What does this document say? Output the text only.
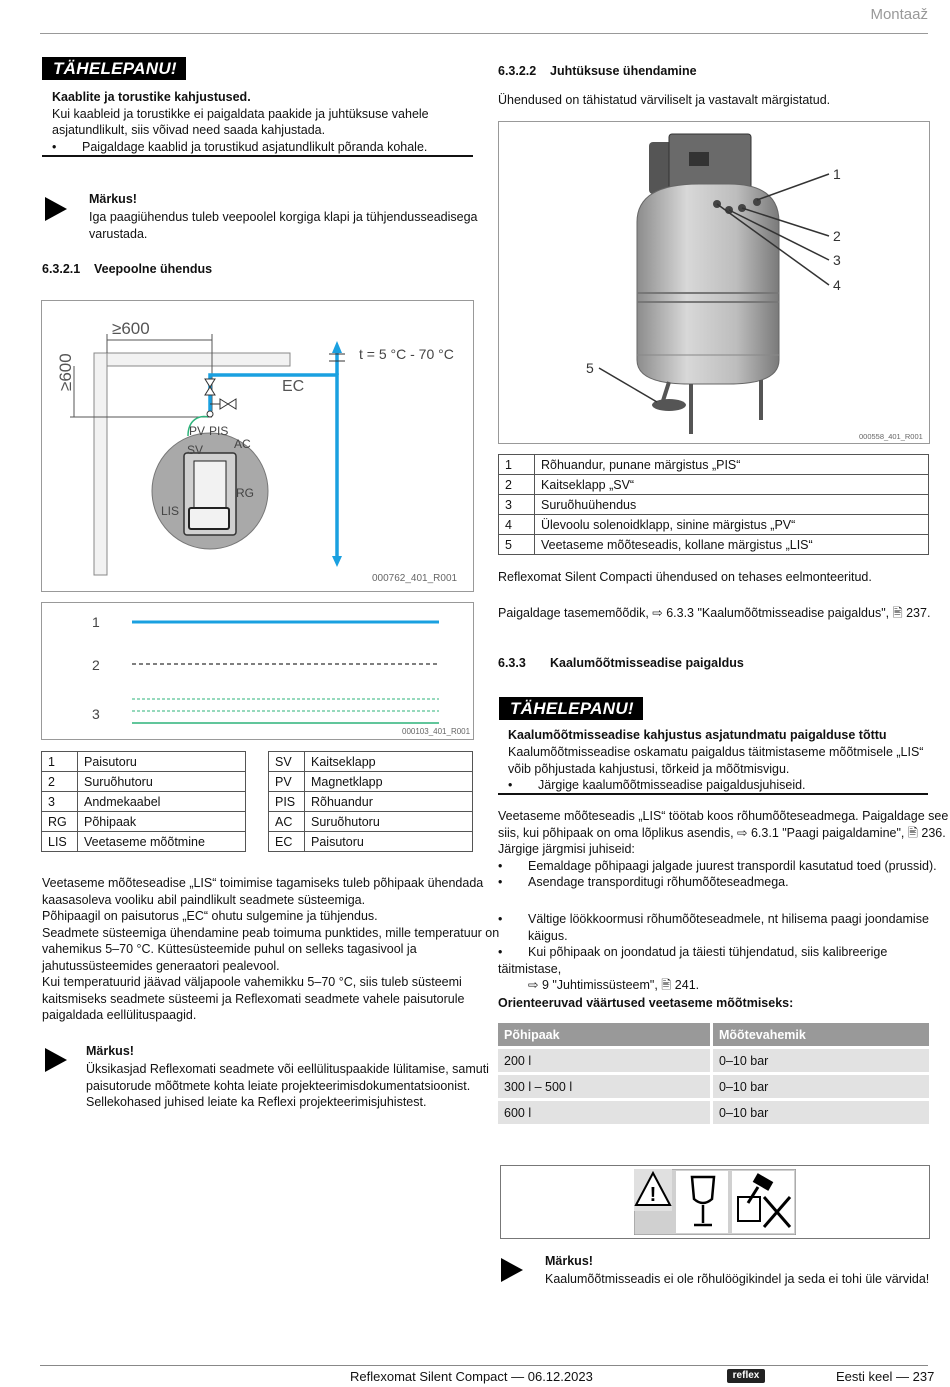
Montaaž
TÄHELEPANU!
Kaablite ja torustike kahjustused.
Kui kaableid ja torustikke ei paigaldata paakide ja juhtüksuse vahele
asjatundlikult, siis võivad need saada kahjustada.
• Paigaldage kaablid ja torustikud asjatundlikult põranda kohale.
Märkus!
Iga paagiühendus tuleb veepoolel korgiga klapi ja tühjendusseadisega
varustada.
6.3.2.1 Veepoolne ühendus
≥600
≥600	t = 5 °C - 70 °C
EC
PV PIS
SV	AC
RG
LIS
000762_401_R001
1
2
3
000103_401_R001
1	Paisutoru
2	Suruõhutoru
3	Andmekaabel
RG	Põhipaak
LIS	Veetaseme mõõtmine
SV	Kaitseklapp
PV	Magnetklapp
PIS	Rõhuandur
AC	Suruõhutoru
EC	Paisutoru
Veetaseme mõõteseadise „LIS“ toimimise tagamiseks tuleb põhipaak ühendada
kaasasoleva vooliku abil paindlikult seadmete süsteemiga.
Põhipaagil on paisutorus „EC“ ohutu sulgemine ja tühjendus.
Seadmete süsteemiga ühendamine peab toimuma punktides, mille temperatuur on
vahemikus 5–70 °C. Küttesüsteemide puhul on selleks tagasivool ja
jahutussüsteemides generaatori pealevool.
Kui temperatuurid jäävad väljapoole vahemikku 5–70 °C, siis tuleb süsteemi
kaitsmiseks seadmete süsteemi ja Reflexomati seadmete vahele paisutorule
paigaldada eellülituspaagid.
Märkus!
Üksikasjad Reflexomati seadmete või eellülituspaakide lülitamise, samuti
paisutorude mõõtmete kohta leiate projekteerimisdokumentatsioonist.
Sellekohased juhised leiate ka Reflexi projekteerimisjuhistest.
6.3.2.2 Juhtüksuse ühendamine
Ühendused on tähistatud värviliselt ja vastavalt märgistatud.
1
2
3
4
5
000558_401_R001
1	Rõhuandur, punane märgistus „PIS“
2	Kaitseklapp „SV“
3	Suruõhuühendus
4	Ülevoolu solenoidklapp, sinine märgistus „PV“
5	Veetaseme mõõteseadis, kollane märgistus „LIS“
Reflexomat Silent Compacti ühendused on tehases eelmonteeritud.
Paigaldage tasememõõdik, ⇨ 6.3.3 "Kaalumõõtmisseadise paigaldus", 🖹 237.
6.3.3 Kaalumõõtmisseadise paigaldus
TÄHELEPANU!
Kaalumõõtmisseadise kahjustus asjatundmatu paigalduse tõttu
Kaalumõõtmisseadise oskamatu paigaldus täitmistaseme mõõtmisele „LIS“
võib põhjustada kahjustusi, tõrkeid ja mõõtmisvigu.
• Järgige kaalumõõtmisseadise paigaldusjuhiseid.
Veetaseme mõõteseadis „LIS“ töötab koos rõhumõõteseadmega. Paigaldage see
siis, kui põhipaak on oma lõplikus asendis, ⇨ 6.3.1 "Paagi paigaldamine", 🖹 236.
Järgige järgmisi juhiseid:
• Eemaldage põhipaagi jalgade juurest transpordil kasutatud toed (prussid).
• Asendage transporditugi rõhumõõteseadmega.
• Vältige löökkoormusi rõhumõõteseadmele, nt hilisema paagi joondamise
käigus.
• Kui põhipaak on joondatud ja täiesti tühjendatud, siis kalibreerige täitmistase,
⇨ 9 "Juhtimissüsteem", 🖹 241.
Orienteeruvad väärtused veetaseme mõõtmiseks:
Põhipaak	Mõõtevahemik
200 l	0–10 bar
300 l – 500 l	0–10 bar
600 l	0–10 bar
!
Märkus!
Kaalumõõtmisseadis ei ole rõhulöögikindel ja seda ei tohi üle värvida!
Reflexomat Silent Compact — 06.12.2023	reflex	Eesti keel — 237
